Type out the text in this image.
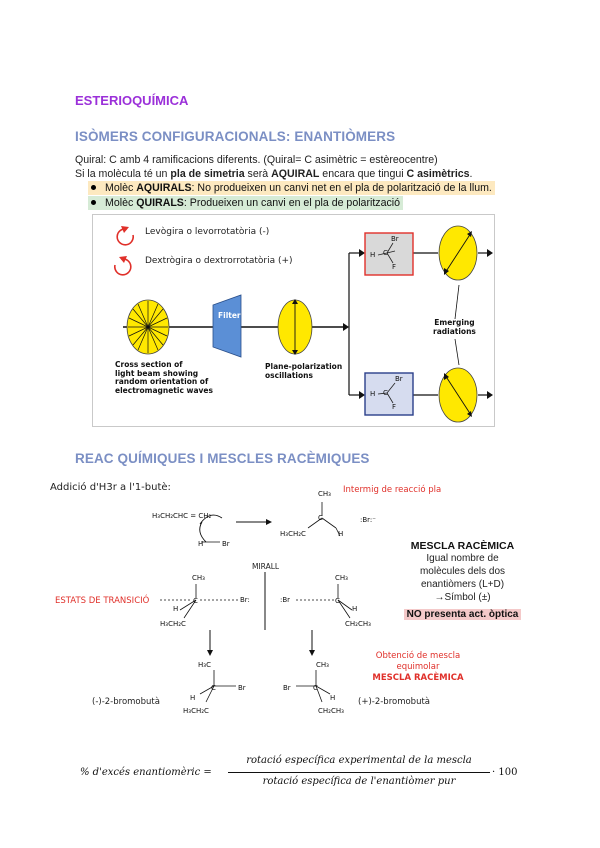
ESTERIOQUÍMICA
ISÒMERS CONFIGURACIONALS: ENANTIÒMERS
Quiral: C amb 4 ramificacions diferents. (Quiral= C asimètric = estèreocentre)
Si la molècula té un pla de simetria serà AQUIRAL encara que tingui C asimètrics.
Molèc AQUIRALS: No produeixen un canvi net en el pla de polarització de la llum.
Molèc QUIRALS: Produeixen un canvi en el pla de polarització
Levògira o levorrotatòria (-)
Dextrògira o dextrorrotatòria (+)
Filter
Cross section of
light beam showing
random orientation of
electromagnetic waves
Plane-polarization
oscillations
Emerging
radiations
Br
H C
F
Br
H C
F
REAC QUÍMIQUES I MESCLES RACÈMIQUES
Addició d'H3r a l'1-butè:
H₃CH₂CHC = CH₂
H	Br
CH₃
C
H₃CH₂C	H
:Br:⁻
Intermig de reacció pla
MIRALL
ESTATS DE TRANSICIÓ
CH₃
C
H
H₃CH₂C
Br:
CH₃
C
H
CH₂CH₃
:Br
MESCLA RACÈMICA
Igual nombre de
molècules dels dos
enantiòmers (L+D)
→Símbol (±)
NO presenta act. òptica
Obtenció de mescla
equimolar
MESCLA RACÈMICA
H₃C
C	Br
H
H₃CH₂C
(-)-2-bromobutà
CH₃
C
Br
H
CH₂CH₃
(+)-2-bromobutà
% d'excés enantiomèric =
rotació específica experimental de la mescla
rotació específica de l'enantiòmer pur
· 100
